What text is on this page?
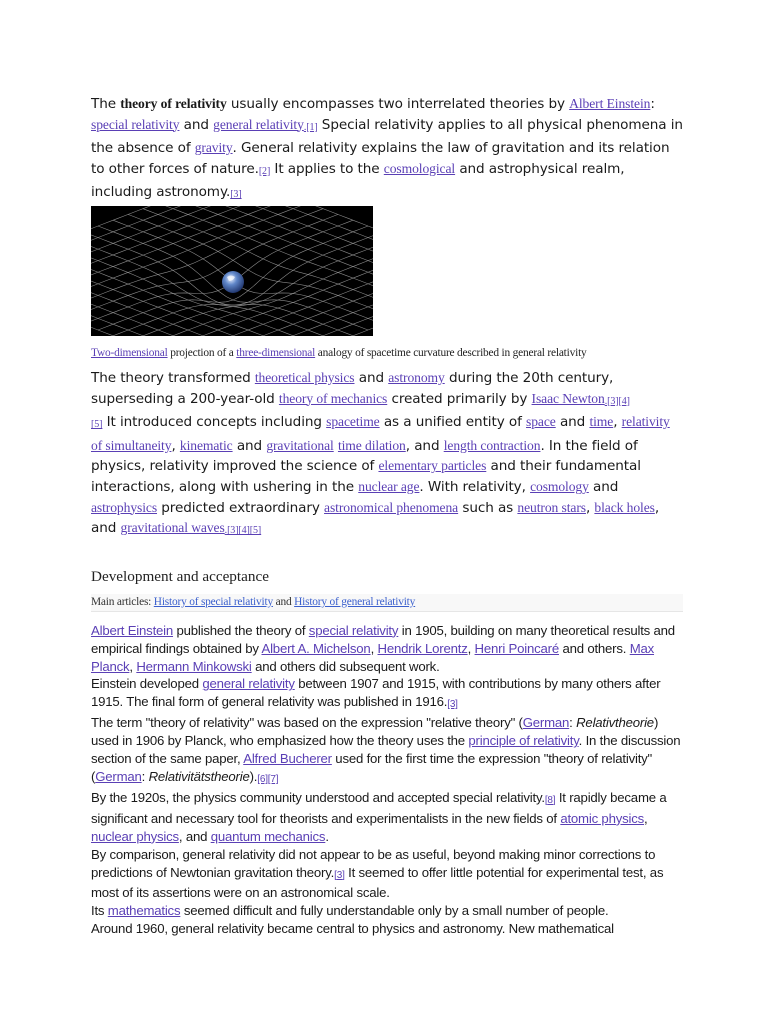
The theory of relativity usually encompasses two interrelated theories by Albert Einstein: special relativity and general relativity.[1] Special relativity applies to all physical phenomena in the absence of gravity. General relativity explains the law of gravitation and its relation to other forces of nature.[2] It applies to the cosmological and astrophysical realm, including astronomy.[3]

Two-dimensional projection of a three-dimensional analogy of spacetime curvature described in general relativity

The theory transformed theoretical physics and astronomy during the 20th century, superseding a 200-year-old theory of mechanics created primarily by Isaac Newton.[3][4]
[5] It introduced concepts including spacetime as a unified entity of space and time, relativity of simultaneity, kinematic and gravitational time dilation, and length contraction. In the field of physics, relativity improved the science of elementary particles and their fundamental interactions, along with ushering in the nuclear age. With relativity, cosmology and astrophysics predicted extraordinary astronomical phenomena such as neutron stars, black holes, and gravitational waves.[3][4][5]

Development and acceptance
Main articles: History of special relativity and History of general relativity

Albert Einstein published the theory of special relativity in 1905, building on many theoretical results and empirical findings obtained by Albert A. Michelson, Hendrik Lorentz, Henri Poincaré and others. Max Planck, Hermann Minkowski and others did subsequent work.

Einstein developed general relativity between 1907 and 1915, with contributions by many others after 1915. The final form of general relativity was published in 1916.[3]

The term "theory of relativity" was based on the expression "relative theory" (German: Relativtheorie) used in 1906 by Planck, who emphasized how the theory uses the principle of relativity. In the discussion section of the same paper, Alfred Bucherer used for the first time the expression "theory of relativity" (German: Relativitätstheorie).[6][7]

By the 1920s, the physics community understood and accepted special relativity.[8] It rapidly became a significant and necessary tool for theorists and experimentalists in the new fields of atomic physics, nuclear physics, and quantum mechanics.

By comparison, general relativity did not appear to be as useful, beyond making minor corrections to predictions of Newtonian gravitation theory.[3] It seemed to offer little potential for experimental test, as most of its assertions were on an astronomical scale.

Its mathematics seemed difficult and fully understandable only by a small number of people.

Around 1960, general relativity became central to physics and astronomy. New mathematical
